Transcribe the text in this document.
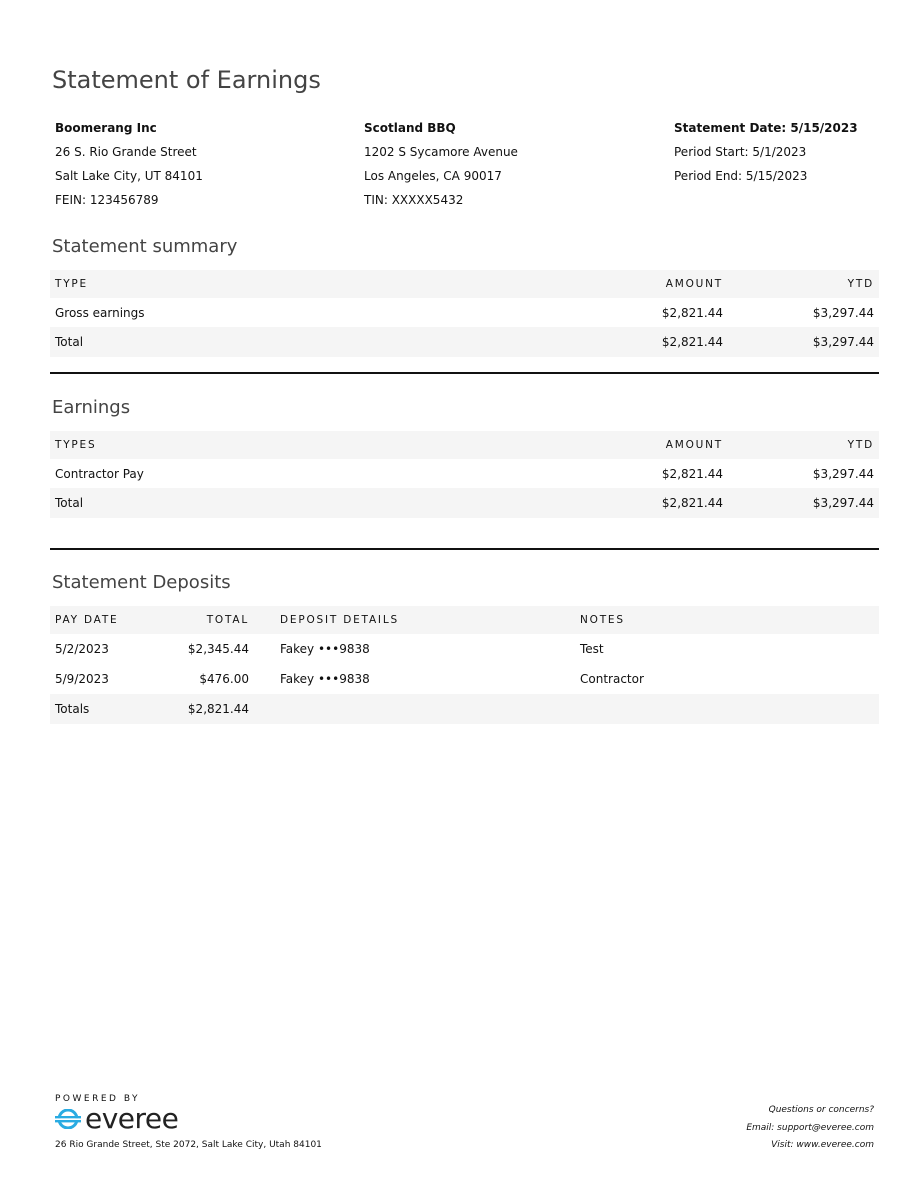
Statement of Earnings
Boomerang Inc
26 S. Rio Grande Street
Salt Lake City, UT 84101
FEIN: 123456789
Scotland BBQ
1202 S Sycamore Avenue
Los Angeles, CA 90017
TIN: XXXXX5432
Statement Date: 5/15/2023
Period Start: 5/1/2023
Period End: 5/15/2023
Statement summary
TYPE	AMOUNT	YTD
Gross earnings	$2,821.44	$3,297.44
Total	$2,821.44	$3,297.44
Earnings
TYPES	AMOUNT	YTD
Contractor Pay	$2,821.44	$3,297.44
Total	$2,821.44	$3,297.44
Statement Deposits
PAY DATE	TOTAL	DEPOSIT DETAILS	NOTES
5/2/2023	$2,345.44	Fakey •••9838	Test
5/9/2023	$476.00	Fakey •••9838	Contractor
Totals	$2,821.44
POWERED BY
everee
26 Rio Grande Street, Ste 2072, Salt Lake City, Utah 84101
Questions or concerns?
Email: support@everee.com
Visit: www.everee.com
